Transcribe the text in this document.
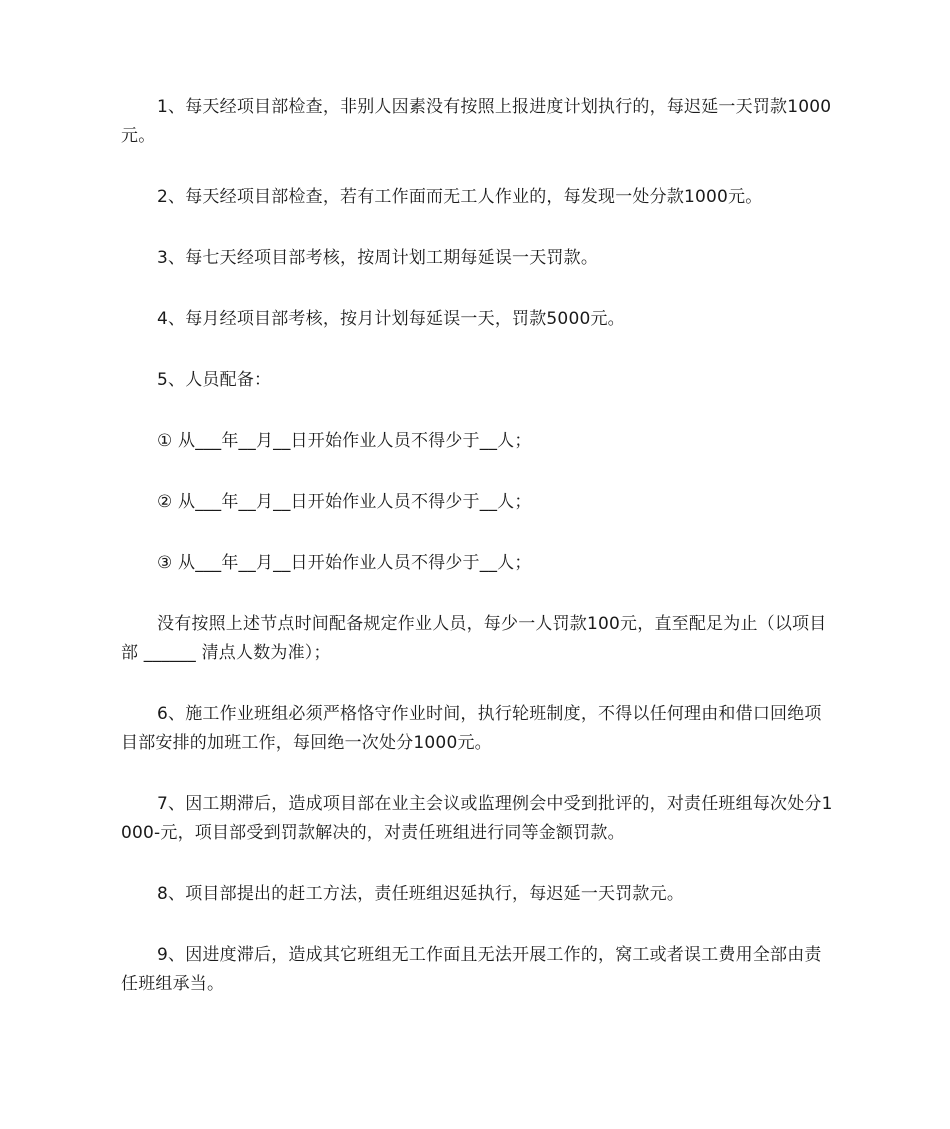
1、每天经项目部检查，非别人因素没有按照上报进度计划执行的，每迟延一天罚款1000元。

2、每天经项目部检查，若有工作面而无工人作业的，每发现一处分款1000元。

3、每七天经项目部考核，按周计划工期每延误一天罚款。

4、每月经项目部考核，按月计划每延误一天，罚款5000元。

5、人员配备：

① 从___年__月__日开始作业人员不得少于__人；

② 从___年__月__日开始作业人员不得少于__人；

③ 从___年__月__日开始作业人员不得少于__人；

没有按照上述节点时间配备规定作业人员，每少一人罚款100元，直至配足为止（以项目部 ______ 清点人数为准）；

6、施工作业班组必须严格恪守作业时间，执行轮班制度，不得以任何理由和借口回绝项目部安排的加班工作，每回绝一次处分1000元。

7、因工期滞后，造成项目部在业主会议或监理例会中受到批评的，对责任班组每次处分1000-元，项目部受到罚款解决的，对责任班组进行同等金额罚款。

8、项目部提出的赶工方法，责任班组迟延执行，每迟延一天罚款元。

9、因进度滞后，造成其它班组无工作面且无法开展工作的，窝工或者误工费用全部由责任班组承当。
